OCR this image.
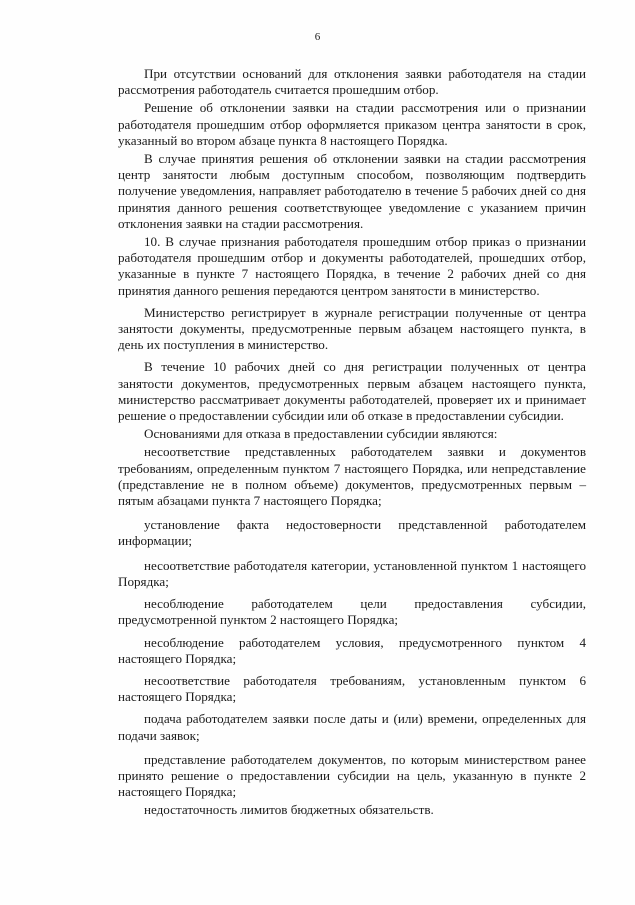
6

При отсутствии оснований для отклонения заявки работодателя на стадии рассмотрения работодатель считается прошедшим отбор.

Решение об отклонении заявки на стадии рассмотрения или о признании работодателя прошедшим отбор оформляется приказом центра занятости в срок, указанный во втором абзаце пункта 8 настоящего Порядка.

В случае принятия решения об отклонении заявки на стадии рассмотрения центр занятости любым доступным способом, позволяющим подтвердить получение уведомления, направляет работодателю в течение 5 рабочих дней со дня принятия данного решения соответствующее уведомление с указанием причин отклонения заявки на стадии рассмотрения.

10. В случае признания работодателя прошедшим отбор приказ о признании работодателя прошедшим отбор и документы работодателей, прошедших отбор, указанные в пункте 7 настоящего Порядка, в течение 2 рабочих дней со дня принятия данного решения передаются центром занятости в министерство.

Министерство регистрирует в журнале регистрации полученные от центра занятости документы, предусмотренные первым абзацем настоящего пункта, в день их поступления в министерство.

В течение 10 рабочих дней со дня регистрации полученных от центра занятости документов, предусмотренных первым абзацем настоящего пункта, министерство рассматривает документы работодателей, проверяет их и принимает решение о предоставлении субсидии или об отказе в предоставлении субсидии.

Основаниями для отказа в предоставлении субсидии являются:

несоответствие представленных работодателем заявки и документов требованиям, определенным пунктом 7 настоящего Порядка, или непредставление (представление не в полном объеме) документов, предусмотренных первым – пятым абзацами пункта 7 настоящего Порядка;

установление факта недостоверности представленной работодателем информации;

несоответствие работодателя категории, установленной пунктом 1 настоящего Порядка;

несоблюдение работодателем цели предоставления субсидии, предусмотренной пунктом 2 настоящего Порядка;

несоблюдение работодателем условия, предусмотренного пунктом 4 настоящего Порядка;

несоответствие работодателя требованиям, установленным пунктом 6 настоящего Порядка;

подача работодателем заявки после даты и (или) времени, определенных для подачи заявок;

представление работодателем документов, по которым министерством ранее принято решение о предоставлении субсидии на цель, указанную в пункте 2 настоящего Порядка;

недостаточность лимитов бюджетных обязательств.
